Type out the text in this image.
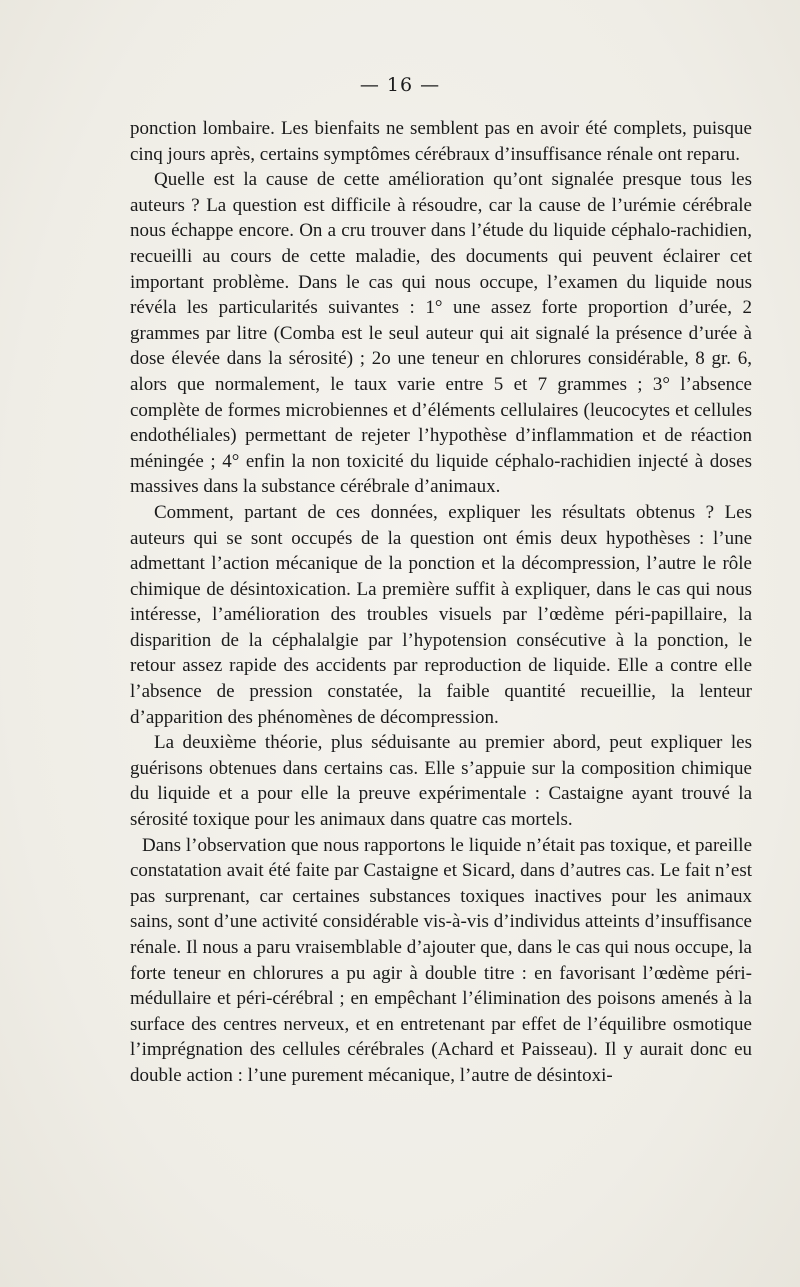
— 16 —

ponction lombaire. Les bienfaits ne semblent pas en avoir été complets, puisque cinq jours après, certains symptômes cérébraux d’insuffisance rénale ont reparu.

Quelle est la cause de cette amélioration qu’ont signalée presque tous les auteurs ? La question est difficile à résoudre, car la cause de l’urémie cérébrale nous échappe encore. On a cru trouver dans l’étude du liquide céphalo-rachidien, recueilli au cours de cette maladie, des documents qui peuvent éclairer cet important problème. Dans le cas qui nous occupe, l’examen du liquide nous révéla les particularités suivantes : 1° une assez forte proportion d’urée, 2 grammes par litre (Comba est le seul auteur qui ait signalé la présence d’urée à dose élevée dans la sérosité) ; 2o une teneur en chlorures considérable, 8 gr. 6, alors que normalement, le taux varie entre 5 et 7 grammes ; 3° l’absence complète de formes microbiennes et d’éléments cellulaires (leucocytes et cellules endothéliales) permettant de rejeter l’hypothèse d’inflammation et de réaction méningée ; 4° enfin la non toxicité du liquide céphalo-rachidien injecté à doses massives dans la substance cérébrale d’animaux.

Comment, partant de ces données, expliquer les résultats obtenus ? Les auteurs qui se sont occupés de la question ont émis deux hypothèses : l’une admettant l’action mécanique de la ponction et la décompression, l’autre le rôle chimique de désintoxication. La première suffit à expliquer, dans le cas qui nous intéresse, l’amélioration des troubles visuels par l’œdème péri-papillaire, la disparition de la céphalalgie par l’hypotension consécutive à la ponction, le retour assez rapide des accidents par reproduction de liquide. Elle a contre elle l’absence de pression constatée, la faible quantité recueillie, la lenteur d’apparition des phénomènes de décompression.

La deuxième théorie, plus séduisante au premier abord, peut expliquer les guérisons obtenues dans certains cas. Elle s’appuie sur la composition chimique du liquide et a pour elle la preuve expérimentale : Castaigne ayant trouvé la sérosité toxique pour les animaux dans quatre cas mortels.

Dans l’observation que nous rapportons le liquide n’était pas toxique, et pareille constatation avait été faite par Castaigne et Sicard, dans d’autres cas. Le fait n’est pas surprenant, car certaines substances toxiques inactives pour les animaux sains, sont d’une activité considérable vis-à-vis d’individus atteints d’insuffisance rénale. Il nous a paru vraisemblable d’ajouter que, dans le cas qui nous occupe, la forte teneur en chlorures a pu agir à double titre : en favorisant l’œdème péri-médullaire et péri-cérébral ; en empêchant l’élimination des poisons amenés à la surface des centres nerveux, et en entretenant par effet de l’équilibre osmotique l’imprégnation des cellules cérébrales (Achard et Paisseau). Il y aurait donc eu double action : l’une purement mécanique, l’autre de désintoxi-
